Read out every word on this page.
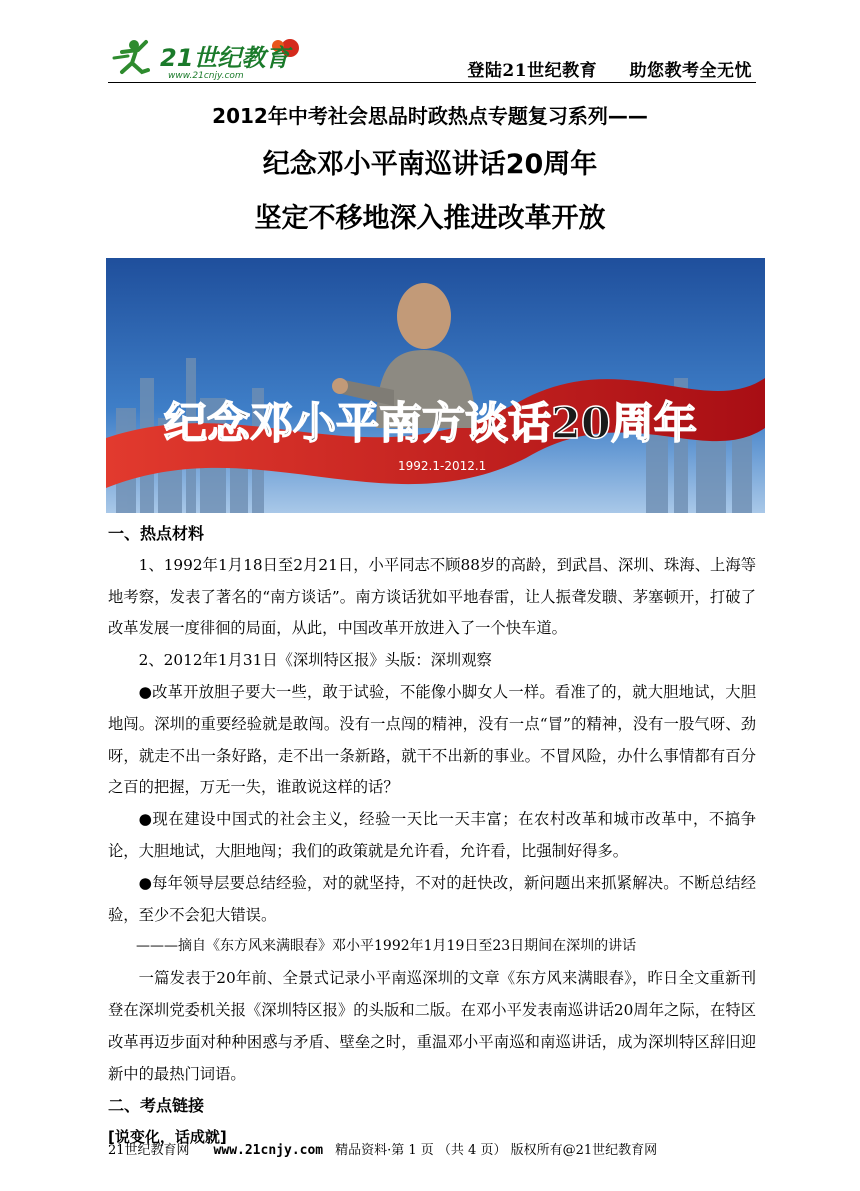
21世纪教育
www.21cnjy.com	登陆21世纪教育 助您教考全无忧
2012年中考社会思品时政热点专题复习系列——
纪念邓小平南巡讲话20周年
坚定不移地深入推进改革开放
纪念邓小平南方谈话20周年
1992.1-2012.1
一、热点材料

1、1992年1月18日至2月21日，小平同志不顾88岁的高龄，到武昌、深圳、珠海、上海等地考察，发表了著名的“南方谈话”。南方谈话犹如平地春雷，让人振聋发聩、茅塞顿开，打破了改革发展一度徘徊的局面，从此，中国改革开放进入了一个快车道。

2、2012年1月31日《深圳特区报》头版：深圳观察

●改革开放胆子要大一些，敢于试验，不能像小脚女人一样。看准了的，就大胆地试，大胆地闯。深圳的重要经验就是敢闯。没有一点闯的精神，没有一点“冒”的精神，没有一股气呀、劲呀，就走不出一条好路，走不出一条新路，就干不出新的事业。不冒风险，办什么事情都有百分之百的把握，万无一失，谁敢说这样的话？

●现在建设中国式的社会主义，经验一天比一天丰富；在农村改革和城市改革中，不搞争论，大胆地试，大胆地闯；我们的政策就是允许看，允许看，比强制好得多。

●每年领导层要总结经验，对的就坚持，不对的赶快改，新问题出来抓紧解决。不断总结经验，至少不会犯大错误。

———摘自《东方风来满眼春》邓小平1992年1月19日至23日期间在深圳的讲话

一篇发表于20年前、全景式记录小平南巡深圳的文章《东方风来满眼春》，昨日全文重新刊登在深圳党委机关报《深圳特区报》的头版和二版。在邓小平发表南巡讲话20周年之际，在特区改革再迈步面对种种困惑与矛盾、壁垒之时，重温邓小平南巡和南巡讲话，成为深圳特区辞旧迎新中的最热门词语。

二、考点链接
[说变化，话成就]
21世纪教育网 www.21cnjy.com 精品资料·第 1 页 （共 4 页） 版权所有@21世纪教育网
